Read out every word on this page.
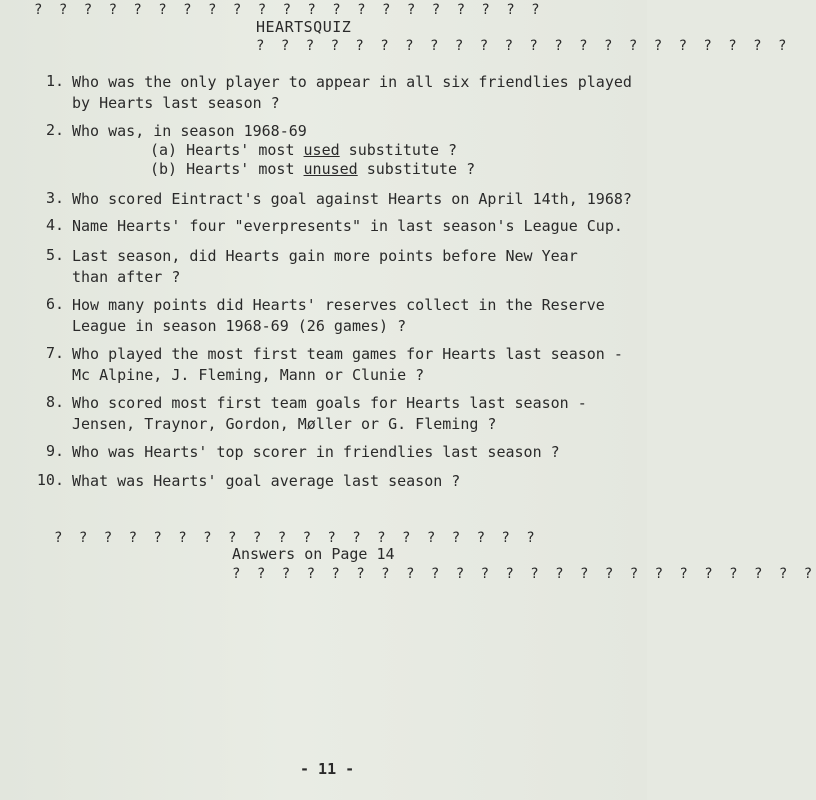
? ? ? ? ? ? ? ? ? ? ? ? ? ? ? ? ? ? ? ? ?
HEARTSQUIZ
? ? ? ? ? ? ? ? ? ? ? ? ? ? ? ? ? ? ? ? ? ?
1. Who was the only player to appear in all six friendlies played
by Hearts last season ?
2. Who was, in season 1968-69
(a) Hearts' most used substitute ?
(b) Hearts' most unused substitute ?
3. Who scored Eintract's goal against Hearts on April 14th, 1968?
4. Name Hearts' four "everpresents" in last season's League Cup.
5. Last season, did Hearts gain more points before New Year
than after ?
6. How many points did Hearts' reserves collect in the Reserve
League in season 1968-69 (26 games) ?
7. Who played the most first team games for Hearts last season -
Mc Alpine, J. Fleming, Mann or Clunie ?
8. Who scored most first team goals for Hearts last season -
Jensen, Traynor, Gordon, Møller or G. Fleming ?
9. Who was Hearts' top scorer in friendlies last season ?
10. What was Hearts' goal average last season ?
? ? ? ? ? ? ? ? ? ? ? ? ? ? ? ? ? ? ? ?
Answers on Page 14
? ? ? ? ? ? ? ? ? ? ? ? ? ? ? ? ? ? ? ? ? ? ? ?
- 11 -
